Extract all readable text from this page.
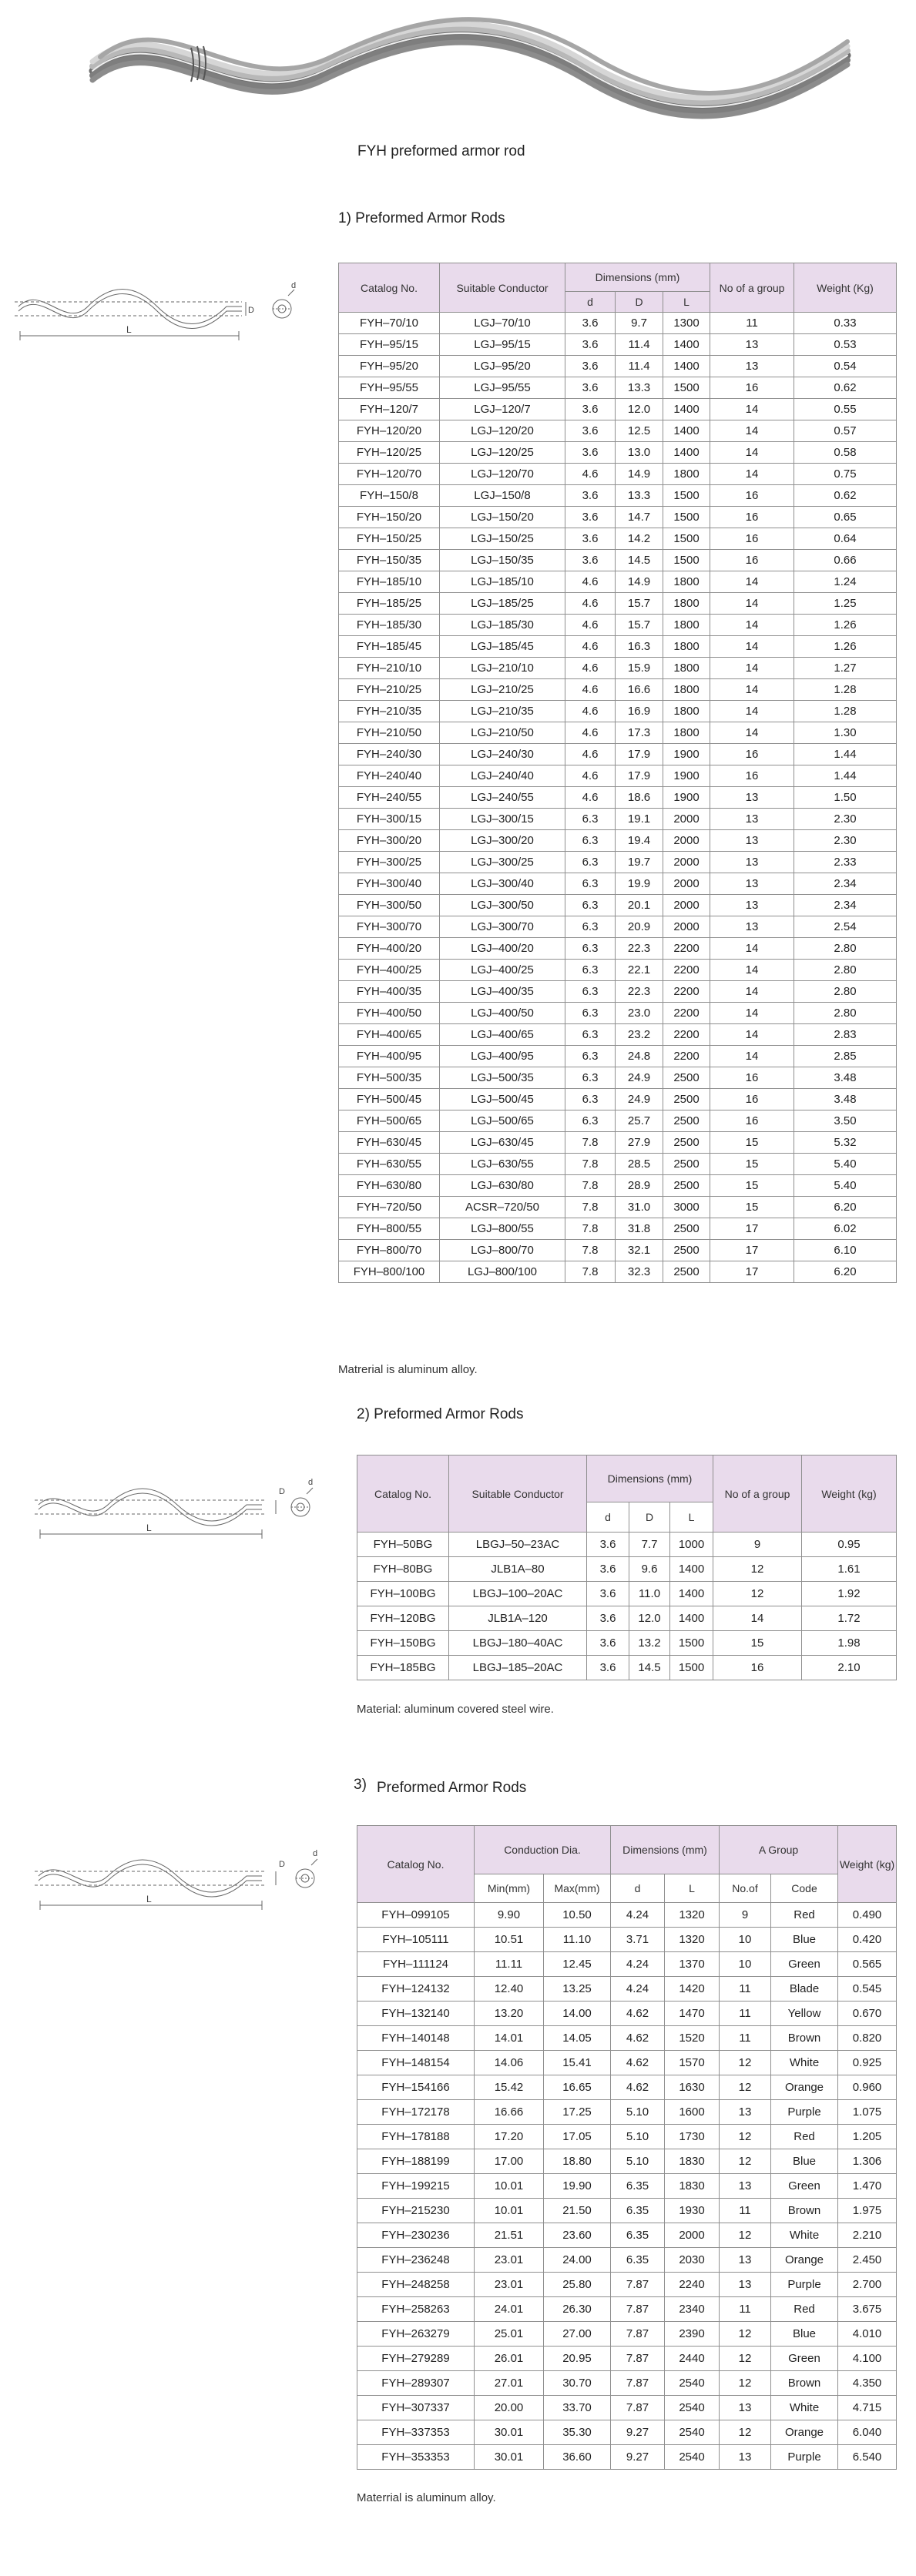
FYH preformed armor rod
1) Preformed Armor Rods
L
D
d	Catalog No.	Suitable Conductor	Dimensions (mm)			No of a group	Weight (Kg)
		d	D	L		
FYH–70/10	LGJ–70/10	3.6	9.7	1300	11	0.33
FYH–95/15	LGJ–95/15	3.6	11.4	1400	13	0.53
FYH–95/20	LGJ–95/20	3.6	11.4	1400	13	0.54
FYH–95/55	LGJ–95/55	3.6	13.3	1500	16	0.62
FYH–120/7	LGJ–120/7	3.6	12.0	1400	14	0.55
FYH–120/20	LGJ–120/20	3.6	12.5	1400	14	0.57
FYH–120/25	LGJ–120/25	3.6	13.0	1400	14	0.58
FYH–120/70	LGJ–120/70	4.6	14.9	1800	14	0.75
FYH–150/8	LGJ–150/8	3.6	13.3	1500	16	0.62
FYH–150/20	LGJ–150/20	3.6	14.7	1500	16	0.65
FYH–150/25	LGJ–150/25	3.6	14.2	1500	16	0.64
FYH–150/35	LGJ–150/35	3.6	14.5	1500	16	0.66
FYH–185/10	LGJ–185/10	4.6	14.9	1800	14	1.24
FYH–185/25	LGJ–185/25	4.6	15.7	1800	14	1.25
FYH–185/30	LGJ–185/30	4.6	15.7	1800	14	1.26
FYH–185/45	LGJ–185/45	4.6	16.3	1800	14	1.26
FYH–210/10	LGJ–210/10	4.6	15.9	1800	14	1.27
FYH–210/25	LGJ–210/25	4.6	16.6	1800	14	1.28
FYH–210/35	LGJ–210/35	4.6	16.9	1800	14	1.28
FYH–210/50	LGJ–210/50	4.6	17.3	1800	14	1.30
FYH–240/30	LGJ–240/30	4.6	17.9	1900	16	1.44
FYH–240/40	LGJ–240/40	4.6	17.9	1900	16	1.44
FYH–240/55	LGJ–240/55	4.6	18.6	1900	13	1.50
FYH–300/15	LGJ–300/15	6.3	19.1	2000	13	2.30
FYH–300/20	LGJ–300/20	6.3	19.4	2000	13	2.30
FYH–300/25	LGJ–300/25	6.3	19.7	2000	13	2.33
FYH–300/40	LGJ–300/40	6.3	19.9	2000	13	2.34
FYH–300/50	LGJ–300/50	6.3	20.1	2000	13	2.34
FYH–300/70	LGJ–300/70	6.3	20.9	2000	13	2.54
FYH–400/20	LGJ–400/20	6.3	22.3	2200	14	2.80
FYH–400/25	LGJ–400/25	6.3	22.1	2200	14	2.80
FYH–400/35	LGJ–400/35	6.3	22.3	2200	14	2.80
FYH–400/50	LGJ–400/50	6.3	23.0	2200	14	2.80
FYH–400/65	LGJ–400/65	6.3	23.2	2200	14	2.83
FYH–400/95	LGJ–400/95	6.3	24.8	2200	14	2.85
FYH–500/35	LGJ–500/35	6.3	24.9	2500	16	3.48
FYH–500/45	LGJ–500/45	6.3	24.9	2500	16	3.48
FYH–500/65	LGJ–500/65	6.3	25.7	2500	16	3.50
FYH–630/45	LGJ–630/45	7.8	27.9	2500	15	5.32
FYH–630/55	LGJ–630/55	7.8	28.5	2500	15	5.40
FYH–630/80	LGJ–630/80	7.8	28.9	2500	15	5.40
FYH–720/50	ACSR–720/50	7.8	31.0	3000	15	6.20
FYH–800/55	LGJ–800/55	7.8	31.8	2500	17	6.02
FYH–800/70	LGJ–800/70	7.8	32.1	2500	17	6.10
FYH–800/100	LGJ–800/100	7.8	32.3	2500	17	6.20
Matrerial is aluminum alloy.
2) Preformed Armor Rods
L
D
d
Catalog No.	Suitable Conductor	Dimensions (mm)			No of a group	Weight (kg)
		d	D	L		
FYH–50BG	LBGJ–50–23AC	3.6	7.7	1000	9	0.95
FYH–80BG	JLB1A–80	3.6	9.6	1400	12	1.61
FYH–100BG	LBGJ–100–20AC	3.6	11.0	1400	12	1.92
FYH–120BG	JLB1A–120	3.6	12.0	1400	14	1.72
FYH–150BG	LBGJ–180–40AC	3.6	13.2	1500	15	1.98
FYH–185BG	LBGJ–185–20AC	3.6	14.5	1500	16	2.10
Material: aluminum covered steel wire.
3) Preformed Armor Rods
L
D
d
Catalog No.	Conduction Dia.		Dimensions (mm)		A Group		Weight (kg)
	Min(mm)	Max(mm)	d	L	No.of	Code	
FYH–099105	9.90	10.50	4.24	1320	9	Red	0.490
FYH–105111	10.51	11.10	3.71	1320	10	Blue	0.420
FYH–111124	11.11	12.45	4.24	1370	10	Green	0.565
FYH–124132	12.40	13.25	4.24	1420	11	Blade	0.545
FYH–132140	13.20	14.00	4.62	1470	11	Yellow	0.670
FYH–140148	14.01	14.05	4.62	1520	11	Brown	0.820
FYH–148154	14.06	15.41	4.62	1570	12	White	0.925
FYH–154166	15.42	16.65	4.62	1630	12	Orange	0.960
FYH–172178	16.66	17.25	5.10	1600	13	Purple	1.075
FYH–178188	17.20	17.05	5.10	1730	12	Red	1.205
FYH–188199	17.00	18.80	5.10	1830	12	Blue	1.306
FYH–199215	10.01	19.90	6.35	1830	13	Green	1.470
FYH–215230	10.01	21.50	6.35	1930	11	Brown	1.975
FYH–230236	21.51	23.60	6.35	2000	12	White	2.210
FYH–236248	23.01	24.00	6.35	2030	13	Orange	2.450
FYH–248258	23.01	25.80	7.87	2240	13	Purple	2.700
FYH–258263	24.01	26.30	7.87	2340	11	Red	3.675
FYH–263279	25.01	27.00	7.87	2390	12	Blue	4.010
FYH–279289	26.01	20.95	7.87	2440	12	Green	4.100
FYH–289307	27.01	30.70	7.87	2540	12	Brown	4.350
FYH–307337	20.00	33.70	7.87	2540	13	White	4.715
FYH–337353	30.01	35.30	9.27	2540	12	Orange	6.040
FYH–353353	30.01	36.60	9.27	2540	13	Purple	6.540
Materrial is aluminum alloy.
